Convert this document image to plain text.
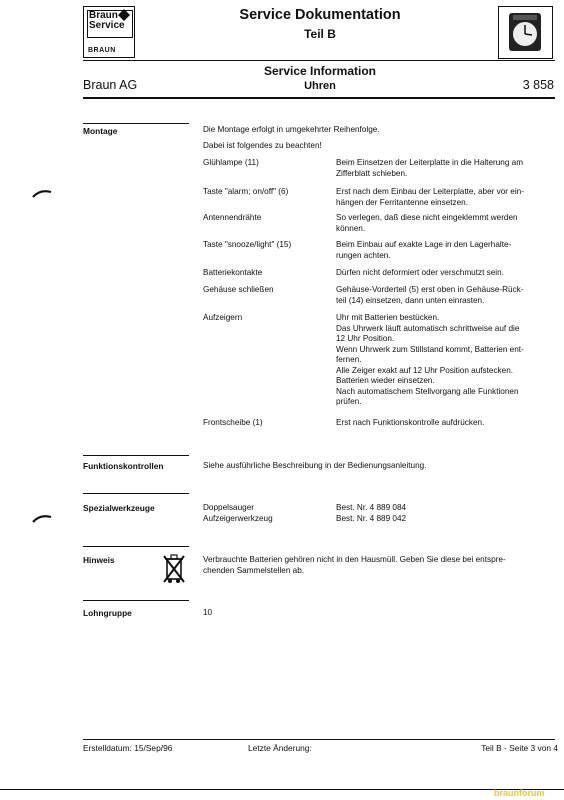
Braun
Service
BRAUN
Service Dokumentation
Teil B
Service Information
Uhren
Braun AG	3 858
Montage	Die Montage erfolgt in umgekehrter Reihenfolge.
Dabei ist folgendes zu beachten!
Glühlampe (11)	Beim Einsetzen der Leiterplatte in die Halterung am
Zifferblatt schieben.
Taste "alarm; on/off" (6)	Erst nach dem Einbau der Leiterplatte, aber vor ein-
hängen der Ferritantenne einsetzen.
Antennendrähte	So verlegen, daß diese nicht eingeklemmt werden
können.
Taste "snooze/light" (15)	Beim Einbau auf exakte Lage in den Lagerhalte-
rungen achten.
Batteriekontakte	Dürfen nicht deformiert oder verschmutzt sein.
Gehäuse schließen	Gehäuse-Vorderteil (5) erst oben in Gehäuse-Rück-
teil (14) einsetzen, dann unten einrasten.
Aufzeigern	Uhr mit Batterien bestücken.
Das Uhrwerk läuft automatisch schrittweise auf die
12 Uhr Position.
Wenn Uhrwerk zum Stillstand kommt, Batterien ent-
fernen.
Alle Zeiger exakt auf 12 Uhr Position aufstecken.
Batterien wieder einsetzen.
Nach automatischem Stellvorgang alle Funktionen
prüfen.
Frontscheibe (1)	Erst nach Funktionskontrolle aufdrücken.
Funktionskontrollen	Siehe ausführliche Beschreibung in der Bedienungsanleitung.
Spezialwerkzeuge	Doppelsauger	Best. Nr. 4 889 084
Aufzeigerwerkzeug	Best. Nr. 4 889 042
Hinweis	Verbrauchte Batterien gehören nicht in den Hausmüll. Geben Sie diese bei entspre-
chenden Sammelstellen ab.
Lohngruppe	10
Erstelldatum: 15/Sep/96	Letzte Änderung:	Teil B - Seite 3 von 4
braunforum
